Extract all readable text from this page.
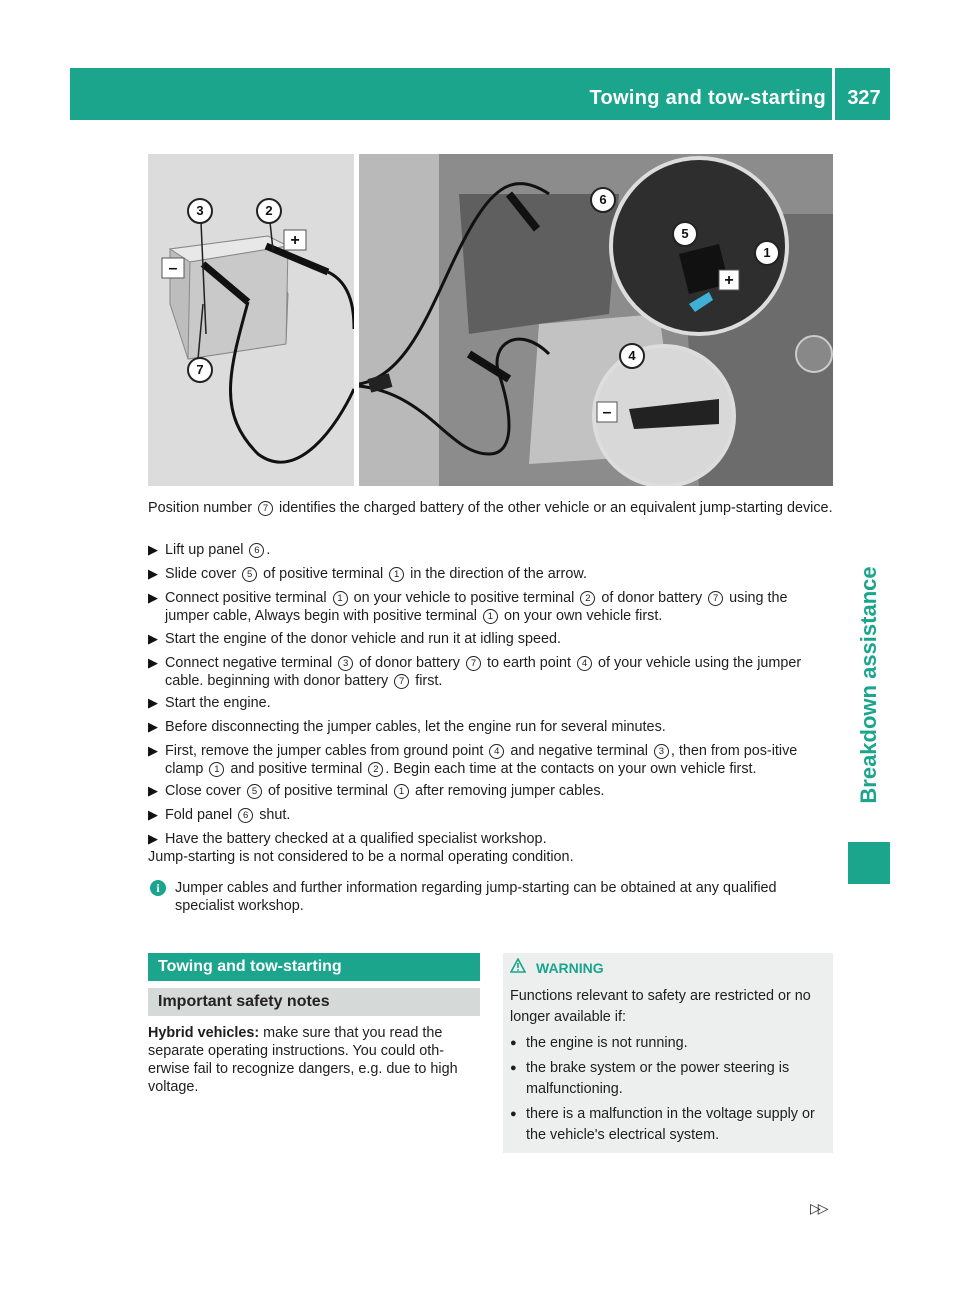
Towing and tow-starting	327
Breakdown assistance
+
–
3	2
7
+
–
6
5
1
4
Position number 7 identifies the charged battery of the other vehicle or an equivalent jump-starting device.
▶ Lift up panel 6 .
▶ Slide cover 5 of positive terminal 1 in the direction of the arrow.
▶ Connect positive terminal 1 on your vehicle to positive terminal 2 of donor battery 7 using the jumper cable, Always begin with positive terminal 1 on your own vehicle first.
▶ Start the engine of the donor vehicle and run it at idling speed.
▶ Connect negative terminal 3 of donor battery 7 to earth point 4 of your vehicle using the jumper cable. beginning with donor battery 7 first.
▶ Start the engine.
▶ Before disconnecting the jumper cables, let the engine run for several minutes.
▶ First, remove the jumper cables from ground point 4 and negative terminal 3 , then from pos-itive clamp 1 and positive terminal 2 . Begin each time at the contacts on your own vehicle first.
▶ Close cover 5 of positive terminal 1 after removing jumper cables.
▶ Fold panel 6 shut.
▶ Have the battery checked at a qualified specialist workshop.
Jump-starting is not considered to be a normal operating condition.
i	Jumper cables and further information regarding jump-starting can be obtained at any qualified specialist workshop.
Towing and tow-starting
Important safety notes
Hybrid vehicles: make sure that you read the separate operating instructions. You could oth-erwise fail to recognize dangers, e.g. due to high voltage.
WARNING
Functions relevant to safety are restricted or no longer available if:
● the engine is not running.
● the brake system or the power steering is malfunctioning.
● there is a malfunction in the voltage supply or the vehicle's electrical system.
▷▷
